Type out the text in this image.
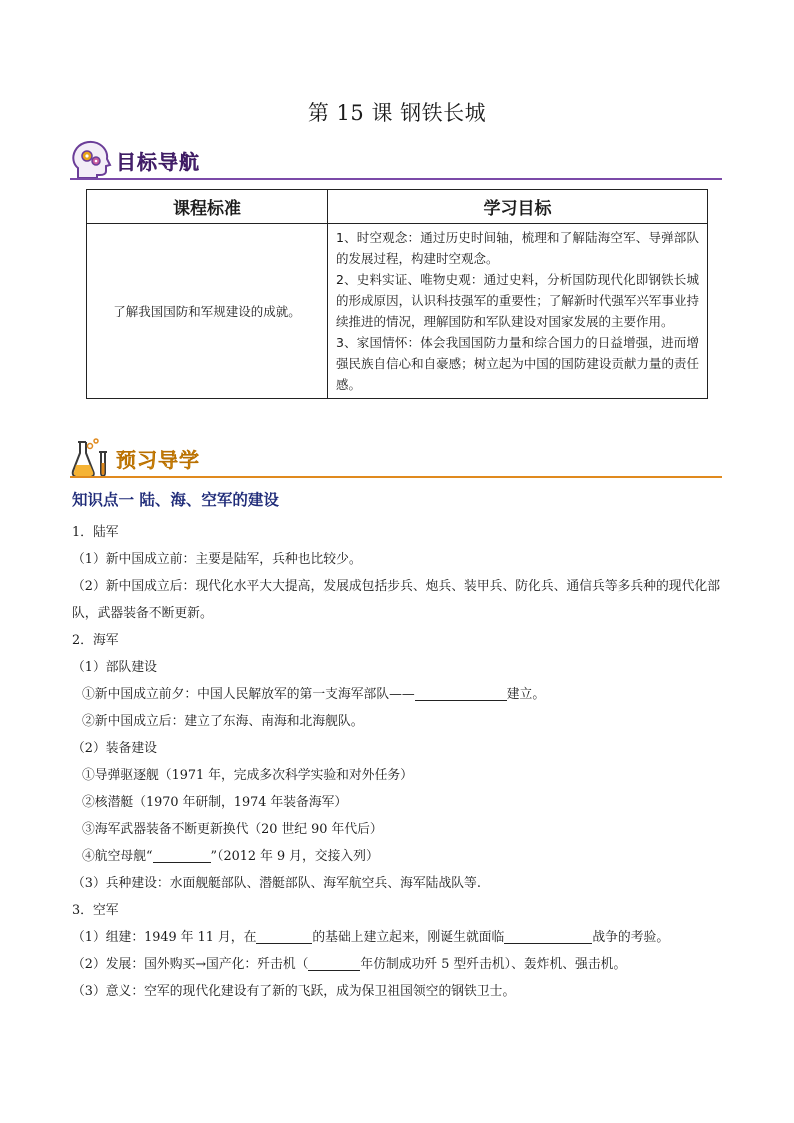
第 15 课 钢铁长城
目标导航
课程标准	学习目标
了解我国国防和军规建设的成就。	1、时空观念：通过历史时间轴，梳理和了解陆海空军、导弹部队的发展过程，构建时空观念。

2、史料实证、唯物史观：通过史料，分析国防现代化即钢铁长城的形成原因，认识科技强军的重要性；了解新时代强军兴军事业持续推进的情况，理解国防和军队建设对国家发展的主要作用。

3、家国情怀：体会我国国防力量和综合国力的日益增强，进而增强民族自信心和自豪感；树立起为中国的国防建设贡献力量的责任感。

预习导学
知识点一 陆、海、空军的建设
1．陆军
（1）新中国成立前：主要是陆军，兵种也比较少。
（2）新中国成立后：现代化水平大大提高，发展成包括步兵、炮兵、装甲兵、防化兵、通信兵等多兵种的现代化部队，武器装备不断更新。
2．海军
（1）部队建设
①新中国成立前夕：中国人民解放军的第一支海军部队——	建立。
②新中国成立后：建立了东海、南海和北海舰队。
（2）装备建设
①导弹驱逐舰（1971 年，完成多次科学实验和对外任务）
②核潜艇（1970 年研制，1974 年装备海军）
③海军武器装备不断更新换代（20 世纪 90 年代后）
④航空母舰“	”（2012 年 9 月，交接入列）
（3）兵种建设：水面舰艇部队、潜艇部队、海军航空兵、海军陆战队等.
3．空军
（1）组建：1949 年 11 月，在	的基础上建立起来，刚诞生就面临	战争的考验。
（2）发展：国外购买→国产化：歼击机（	年仿制成功歼 5 型歼击机）、轰炸机、强击机。
（3）意义：空军的现代化建设有了新的飞跃，成为保卫祖国领空的钢铁卫士。
